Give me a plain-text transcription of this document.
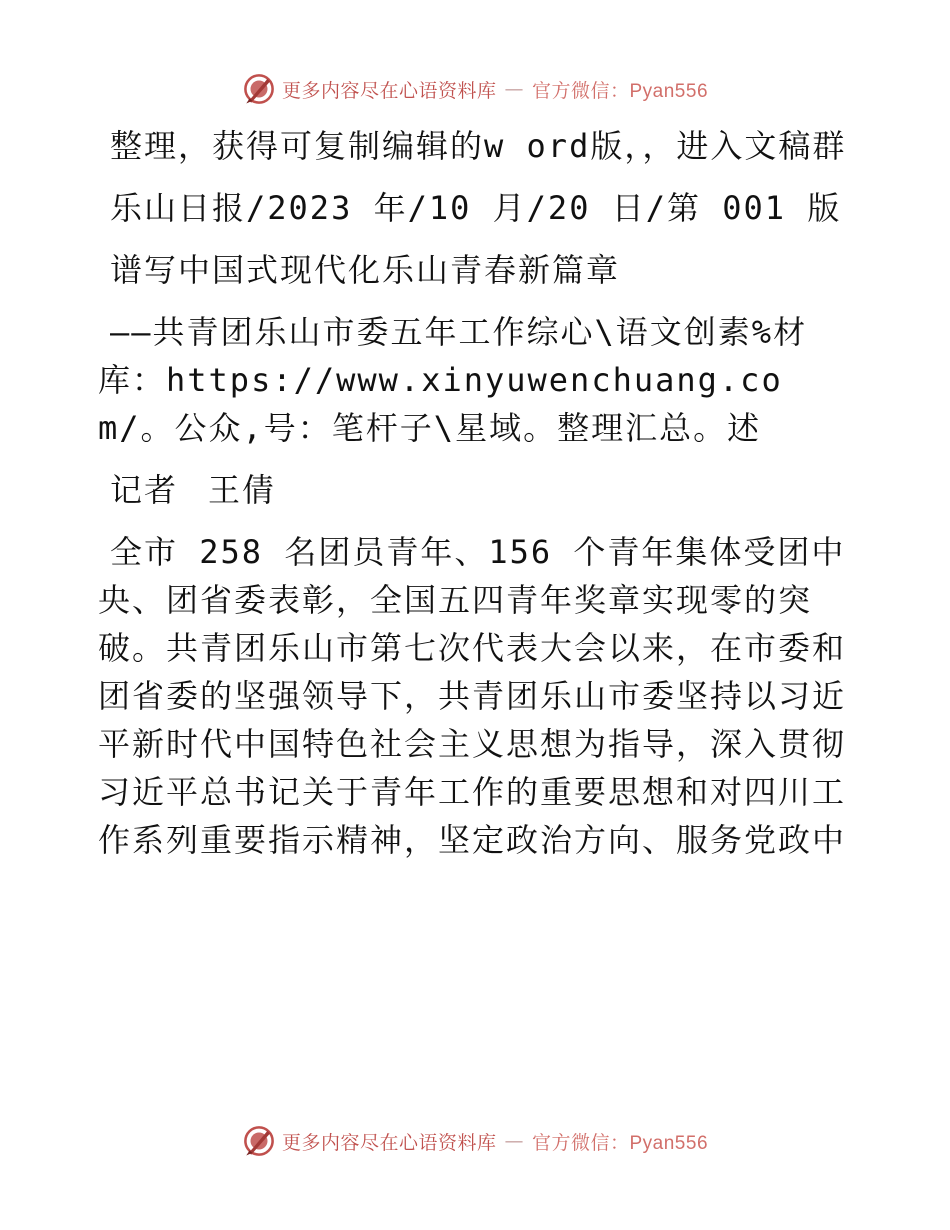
更多内容尽在心语资料库 — 官方微信：Pyan556

整理，获得可复制编辑的w ord版，，进入文稿群

乐山日报/2023 年/10 月/20 日/第 001 版

谱写中国式现代化乐山青春新篇章

——共青团乐山市委五年工作综心\语文创素%材库：https://www.xinyuwenchuang.com/。公众,号：笔杆子\星域。整理汇总。述

记者 王倩

全市 258 名团员青年、156 个青年集体受团中央、团省委表彰，全国五四青年奖章实现零的突破。共青团乐山市第七次代表大会以来，在市委和团省委的坚强领导下，共青团乐山市委坚持以习近平新时代中国特色社会主义思想为指导，深入贯彻习近平总书记关于青年工作的重要思想和对四川工作系列重要指示精神，坚定政治方向、服务党政中

更多内容尽在心语资料库 — 官方微信：Pyan556
